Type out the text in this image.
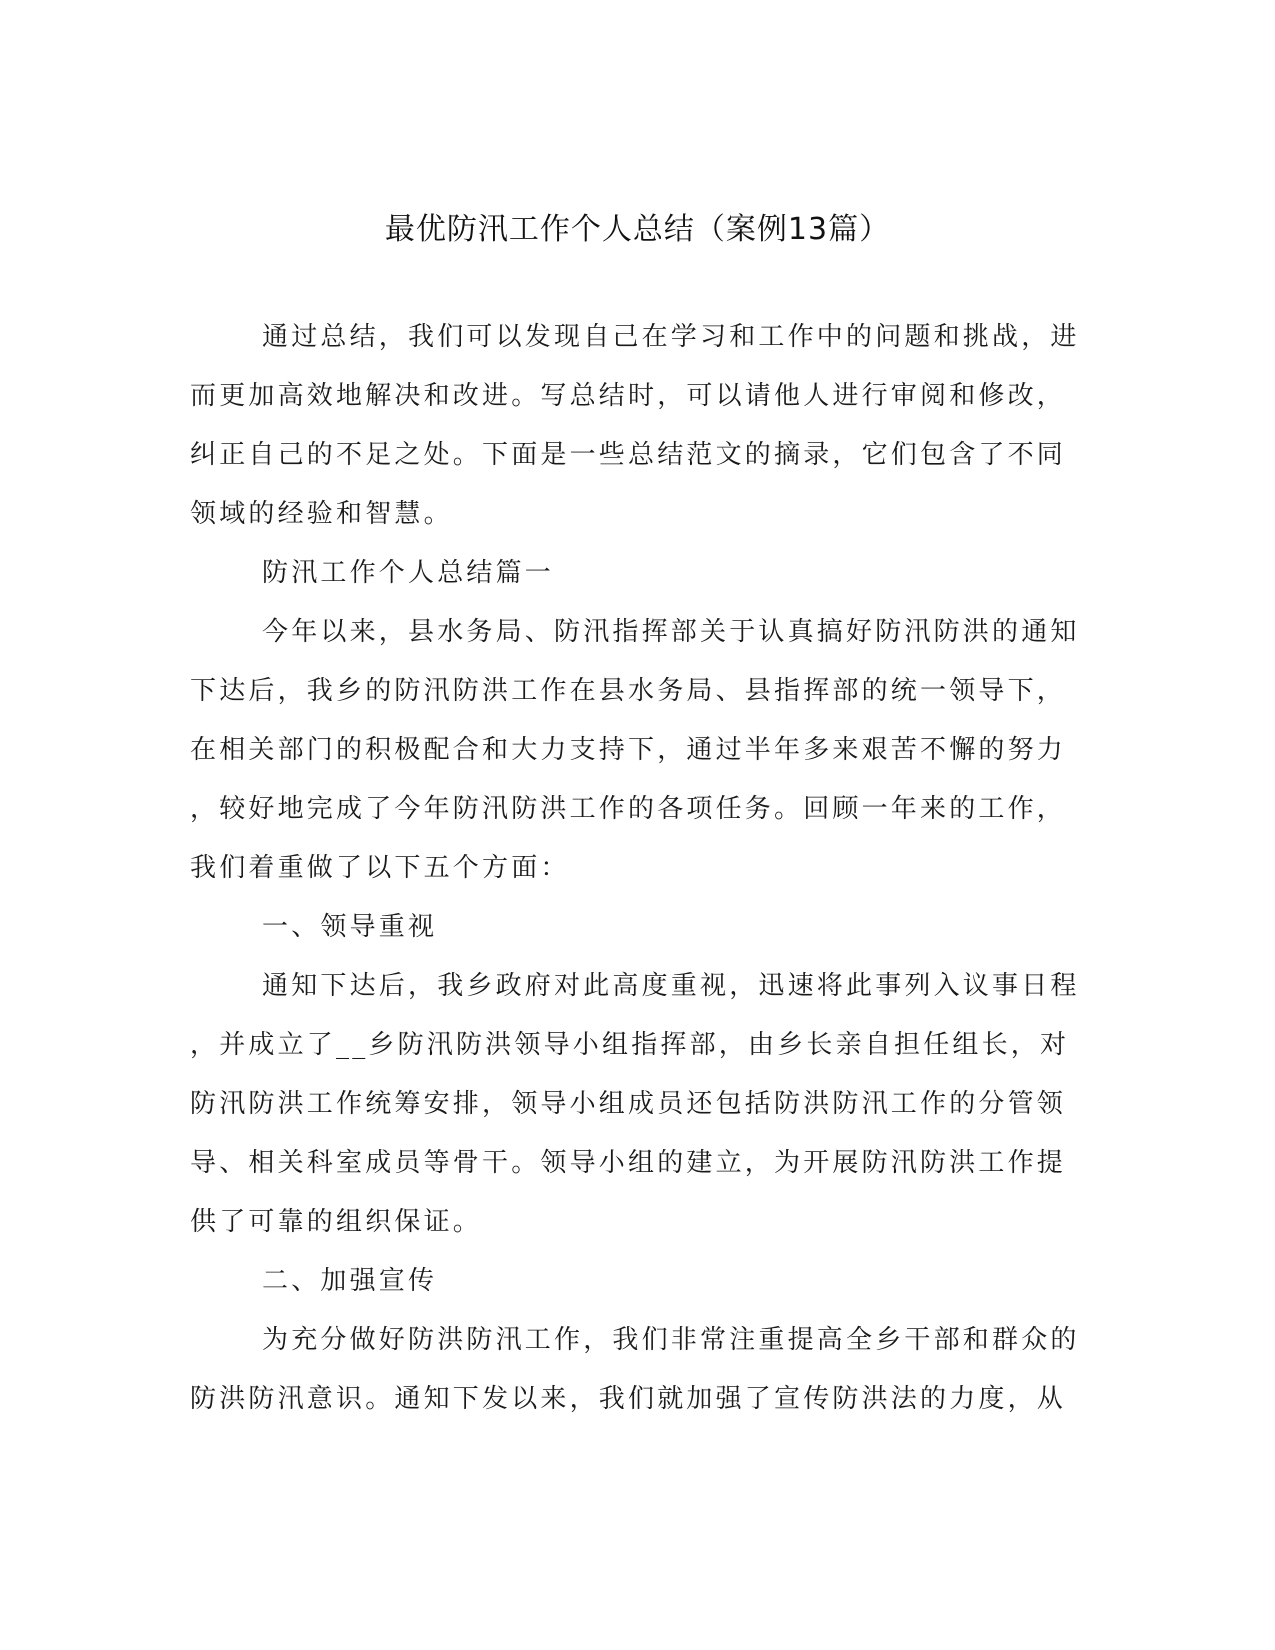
最优防汛工作个人总结（案例13篇）
通过总结，我们可以发现自己在学习和工作中的问题和挑战，进
而更加高效地解决和改进。写总结时，可以请他人进行审阅和修改，
纠正自己的不足之处。下面是一些总结范文的摘录，它们包含了不同
领域的经验和智慧。
防汛工作个人总结篇一
今年以来，县水务局、防汛指挥部关于认真搞好防汛防洪的通知
下达后，我乡的防汛防洪工作在县水务局、县指挥部的统一领导下，
在相关部门的积极配合和大力支持下，通过半年多来艰苦不懈的努力
，较好地完成了今年防汛防洪工作的各项任务。回顾一年来的工作，
我们着重做了以下五个方面：
一、领导重视
通知下达后，我乡政府对此高度重视，迅速将此事列入议事日程
，并成立了__乡防汛防洪领导小组指挥部，由乡长亲自担任组长，对
防汛防洪工作统筹安排，领导小组成员还包括防洪防汛工作的分管领
导、相关科室成员等骨干。领导小组的建立，为开展防汛防洪工作提
供了可靠的组织保证。
二、加强宣传
为充分做好防洪防汛工作，我们非常注重提高全乡干部和群众的
防洪防汛意识。通知下发以来，我们就加强了宣传防洪法的力度，从
